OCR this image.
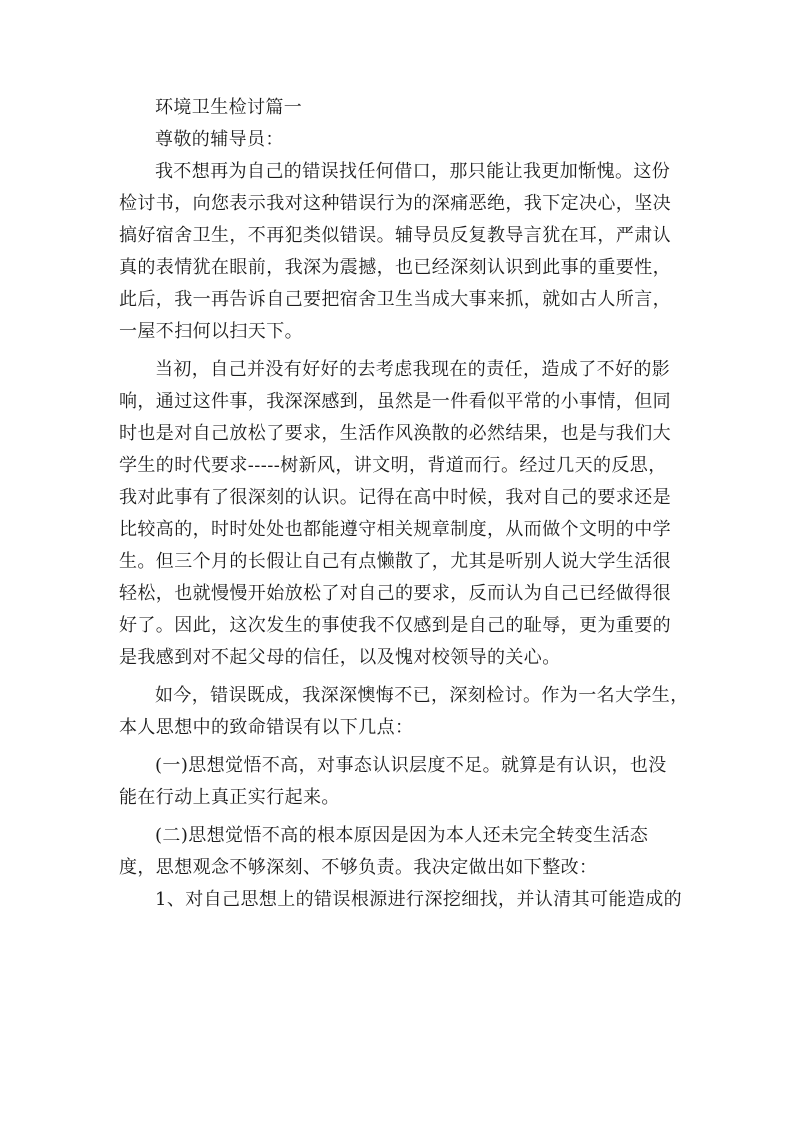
环境卫生检讨篇一
尊敬的辅导员：
我不想再为自己的错误找任何借口，那只能让我更加惭愧。这份
检讨书，向您表示我对这种错误行为的深痛恶绝，我下定决心，坚决
搞好宿舍卫生，不再犯类似错误。辅导员反复教导言犹在耳，严肃认
真的表情犹在眼前，我深为震撼，也已经深刻认识到此事的重要性，
此后，我一再告诉自己要把宿舍卫生当成大事来抓，就如古人所言，
一屋不扫何以扫天下。
当初，自己并没有好好的去考虑我现在的责任，造成了不好的影
响，通过这件事，我深深感到，虽然是一件看似平常的小事情，但同
时也是对自己放松了要求，生活作风涣散的必然结果，也是与我们大
学生的时代要求-----树新风，讲文明，背道而行。经过几天的反思，
我对此事有了很深刻的认识。记得在高中时候，我对自己的要求还是
比较高的，时时处处也都能遵守相关规章制度，从而做个文明的中学
生。但三个月的长假让自己有点懒散了，尤其是听别人说大学生活很
轻松，也就慢慢开始放松了对自己的要求，反而认为自己已经做得很
好了。因此，这次发生的事使我不仅感到是自己的耻辱，更为重要的
是我感到对不起父母的信任，以及愧对校领导的关心。
如今，错误既成，我深深懊悔不已，深刻检讨。作为一名大学生，
本人思想中的致命错误有以下几点：
(一)思想觉悟不高，对事态认识层度不足。就算是有认识，也没
能在行动上真正实行起来。
(二)思想觉悟不高的根本原因是因为本人还未完全转变生活态
度，思想观念不够深刻、不够负责。我决定做出如下整改：
1、对自己思想上的错误根源进行深挖细找，并认清其可能造成的
